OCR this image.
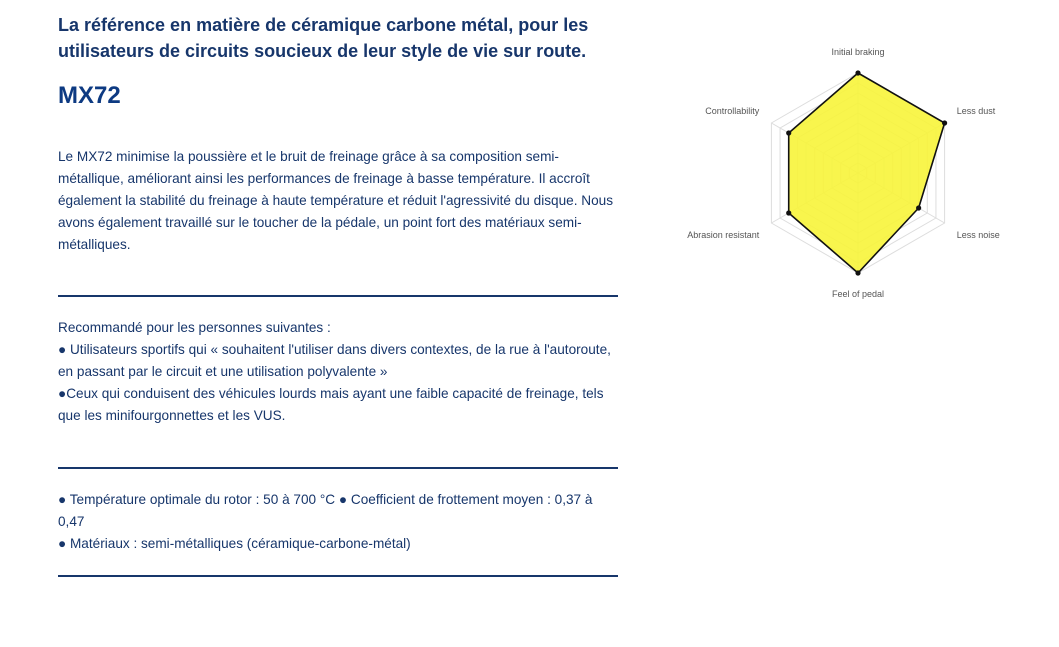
La référence en matière de céramique carbone métal, pour les utilisateurs de circuits soucieux de leur style de vie sur route.
MX72
Le MX72 minimise la poussière et le bruit de freinage grâce à sa composition semi-métallique, améliorant ainsi les performances de freinage à basse température. Il accroît également la stabilité du freinage à haute température et réduit l'agressivité du disque. Nous avons également travaillé sur le toucher de la pédale, un point fort des matériaux semi-métalliques.
Recommandé pour les personnes suivantes :
● Utilisateurs sportifs qui « souhaitent l'utiliser dans divers contextes, de la rue à l'autoroute, en passant par le circuit et une utilisation polyvalente »
●Ceux qui conduisent des véhicules lourds mais ayant une faible capacité de freinage, tels que les minifourgonnettes et les VUS.
● Température optimale du rotor : 50 à 700 °C ● Coefficient de frottement moyen : 0,37 à 0,47
● Matériaux : semi-métalliques (céramique-carbone-métal)
Initial braking
Less dust
Less noise
Feel of pedal
Abrasion resistant
Controllability
